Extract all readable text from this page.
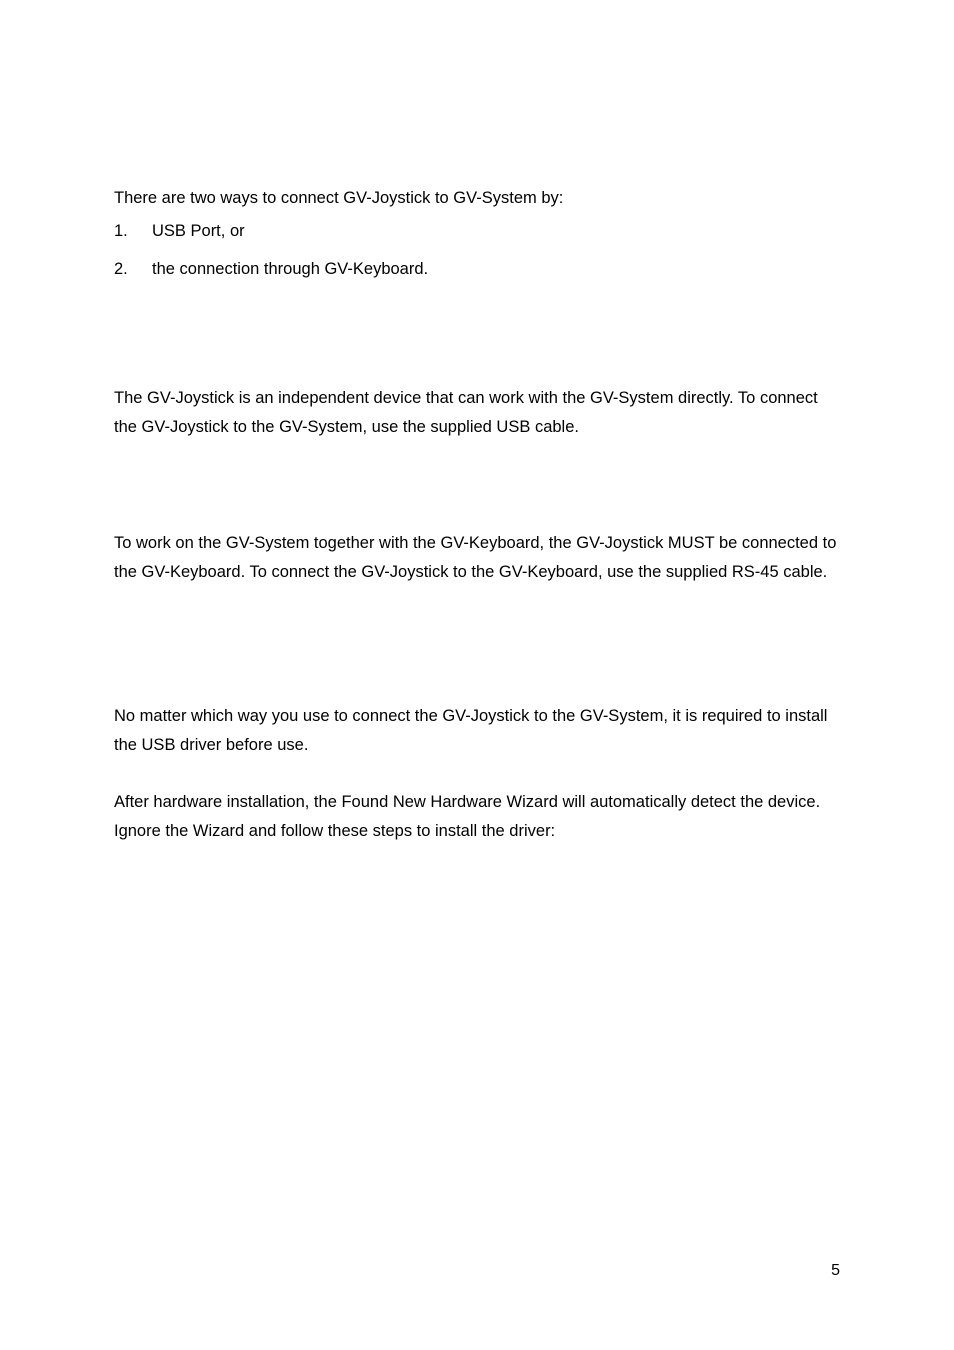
There are two ways to connect GV-Joystick to GV-System by:

1. USB Port, or

2. the connection through GV-Keyboard.

The GV-Joystick is an independent device that can work with the GV-System directly. To connect the GV-Joystick to the GV-System, use the supplied USB cable.

To work on the GV-System together with the GV-Keyboard, the GV-Joystick MUST be connected to the GV-Keyboard. To connect the GV-Joystick to the GV-Keyboard, use the supplied RS-45 cable.

No matter which way you use to connect the GV-Joystick to the GV-System, it is required to install the USB driver before use.

After hardware installation, the Found New Hardware Wizard will automatically detect the device. Ignore the Wizard and follow these steps to install the driver:

5
